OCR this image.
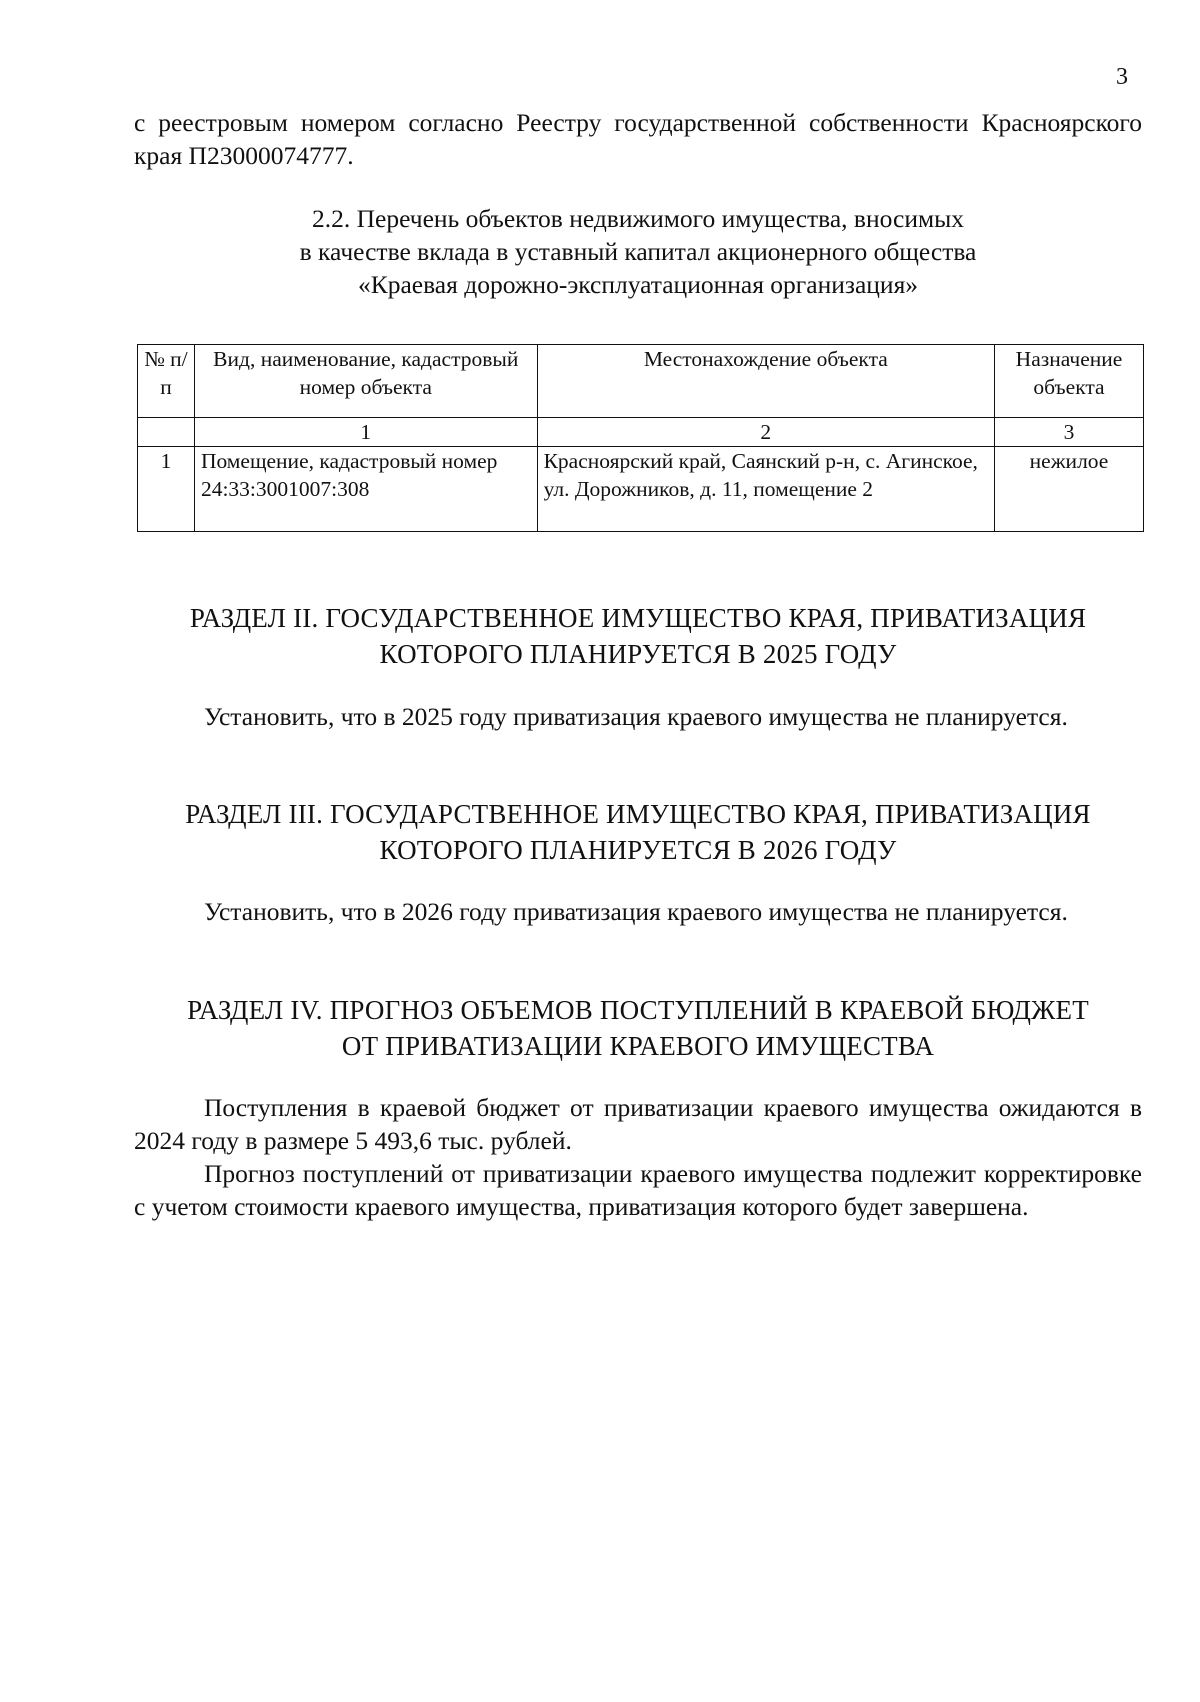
3

с реестровым номером согласно Реестру государственной собственности Красноярского края П23000074777.

2.2. Перечень объектов недвижимого имущества, вносимых
в качестве вклада в уставный капитал акционерного общества
«Краевая дорожно-эксплуатационная организация»
№ п/п	Вид, наименование, кадастровый номер объекта	Местонахождение объекта	Назначение объекта
	1	2	3
1	Помещение, кадастровый номер 24:33:3001007:308	Красноярский край, Саянский р-н, с. Агинское, ул. Дорожников, д. 11, помещение 2	нежилое
РАЗДЕЛ II. ГОСУДАРСТВЕННОЕ ИМУЩЕСТВО КРАЯ, ПРИВАТИЗАЦИЯ
КОТОРОГО ПЛАНИРУЕТСЯ В 2025 ГОДУ

Установить, что в 2025 году приватизация краевого имущества не планируется.

РАЗДЕЛ III. ГОСУДАРСТВЕННОЕ ИМУЩЕСТВО КРАЯ, ПРИВАТИЗАЦИЯ
КОТОРОГО ПЛАНИРУЕТСЯ В 2026 ГОДУ

Установить, что в 2026 году приватизация краевого имущества не планируется.

РАЗДЕЛ IV. ПРОГНОЗ ОБЪЕМОВ ПОСТУПЛЕНИЙ В КРАЕВОЙ БЮДЖЕТ
ОТ ПРИВАТИЗАЦИИ КРАЕВОГО ИМУЩЕСТВА

Поступления в краевой бюджет от приватизации краевого имущества ожидаются в 2024 году в размере 5 493,6 тыс. рублей.

Прогноз поступлений от приватизации краевого имущества подлежит корректировке с учетом стоимости краевого имущества, приватизация которого будет завершена.
